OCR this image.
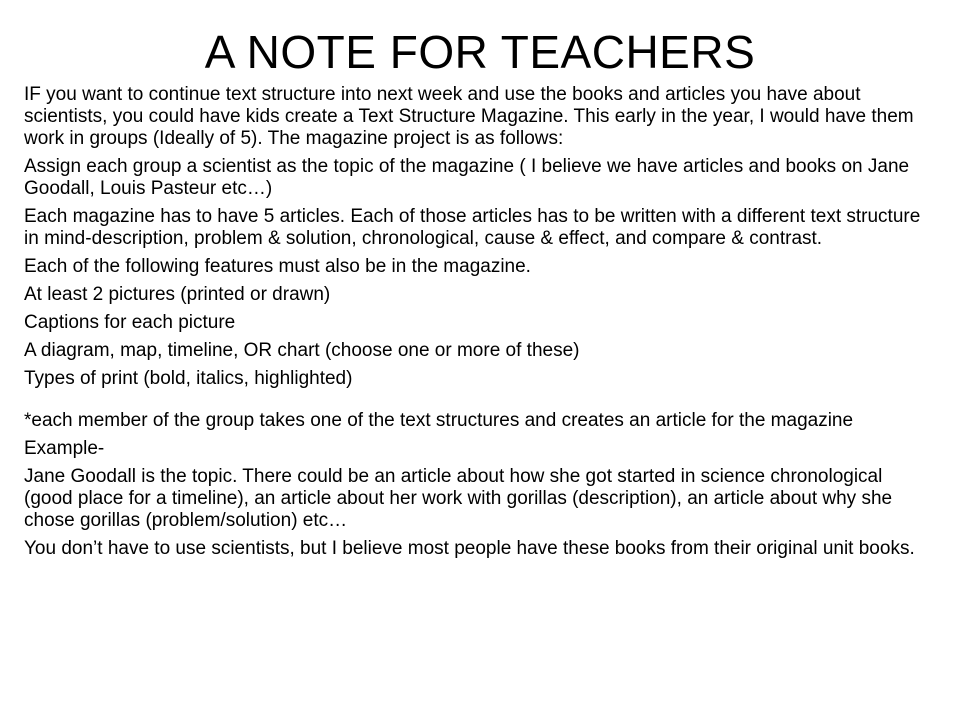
A NOTE FOR TEACHERS

IF you want to continue text structure into next week and use the books and articles you have about scientists, you could have kids create a Text Structure Magazine. This early in the year, I would have them work in groups (Ideally of 5). The magazine project is as follows:

Assign each group a scientist as the topic of the magazine ( I believe we have articles and books on Jane Goodall, Louis Pasteur etc…)

Each magazine has to have 5 articles. Each of those articles has to be written with a different text structure in mind-description, problem & solution, chronological, cause & effect, and compare & contrast.

Each of the following features must also be in the magazine.

At least 2 pictures (printed or drawn)

Captions for each picture

A diagram, map, timeline, OR chart (choose one or more of these)

Types of print (bold, italics, highlighted)

*each member of the group takes one of the text structures and creates an article for the magazine

Example-

Jane Goodall is the topic. There could be an article about how she got started in science chronological (good place for a timeline), an article about her work with gorillas (description), an article about why she chose gorillas (problem/solution) etc…

You don’t have to use scientists, but I believe most people have these books from their original unit books.
